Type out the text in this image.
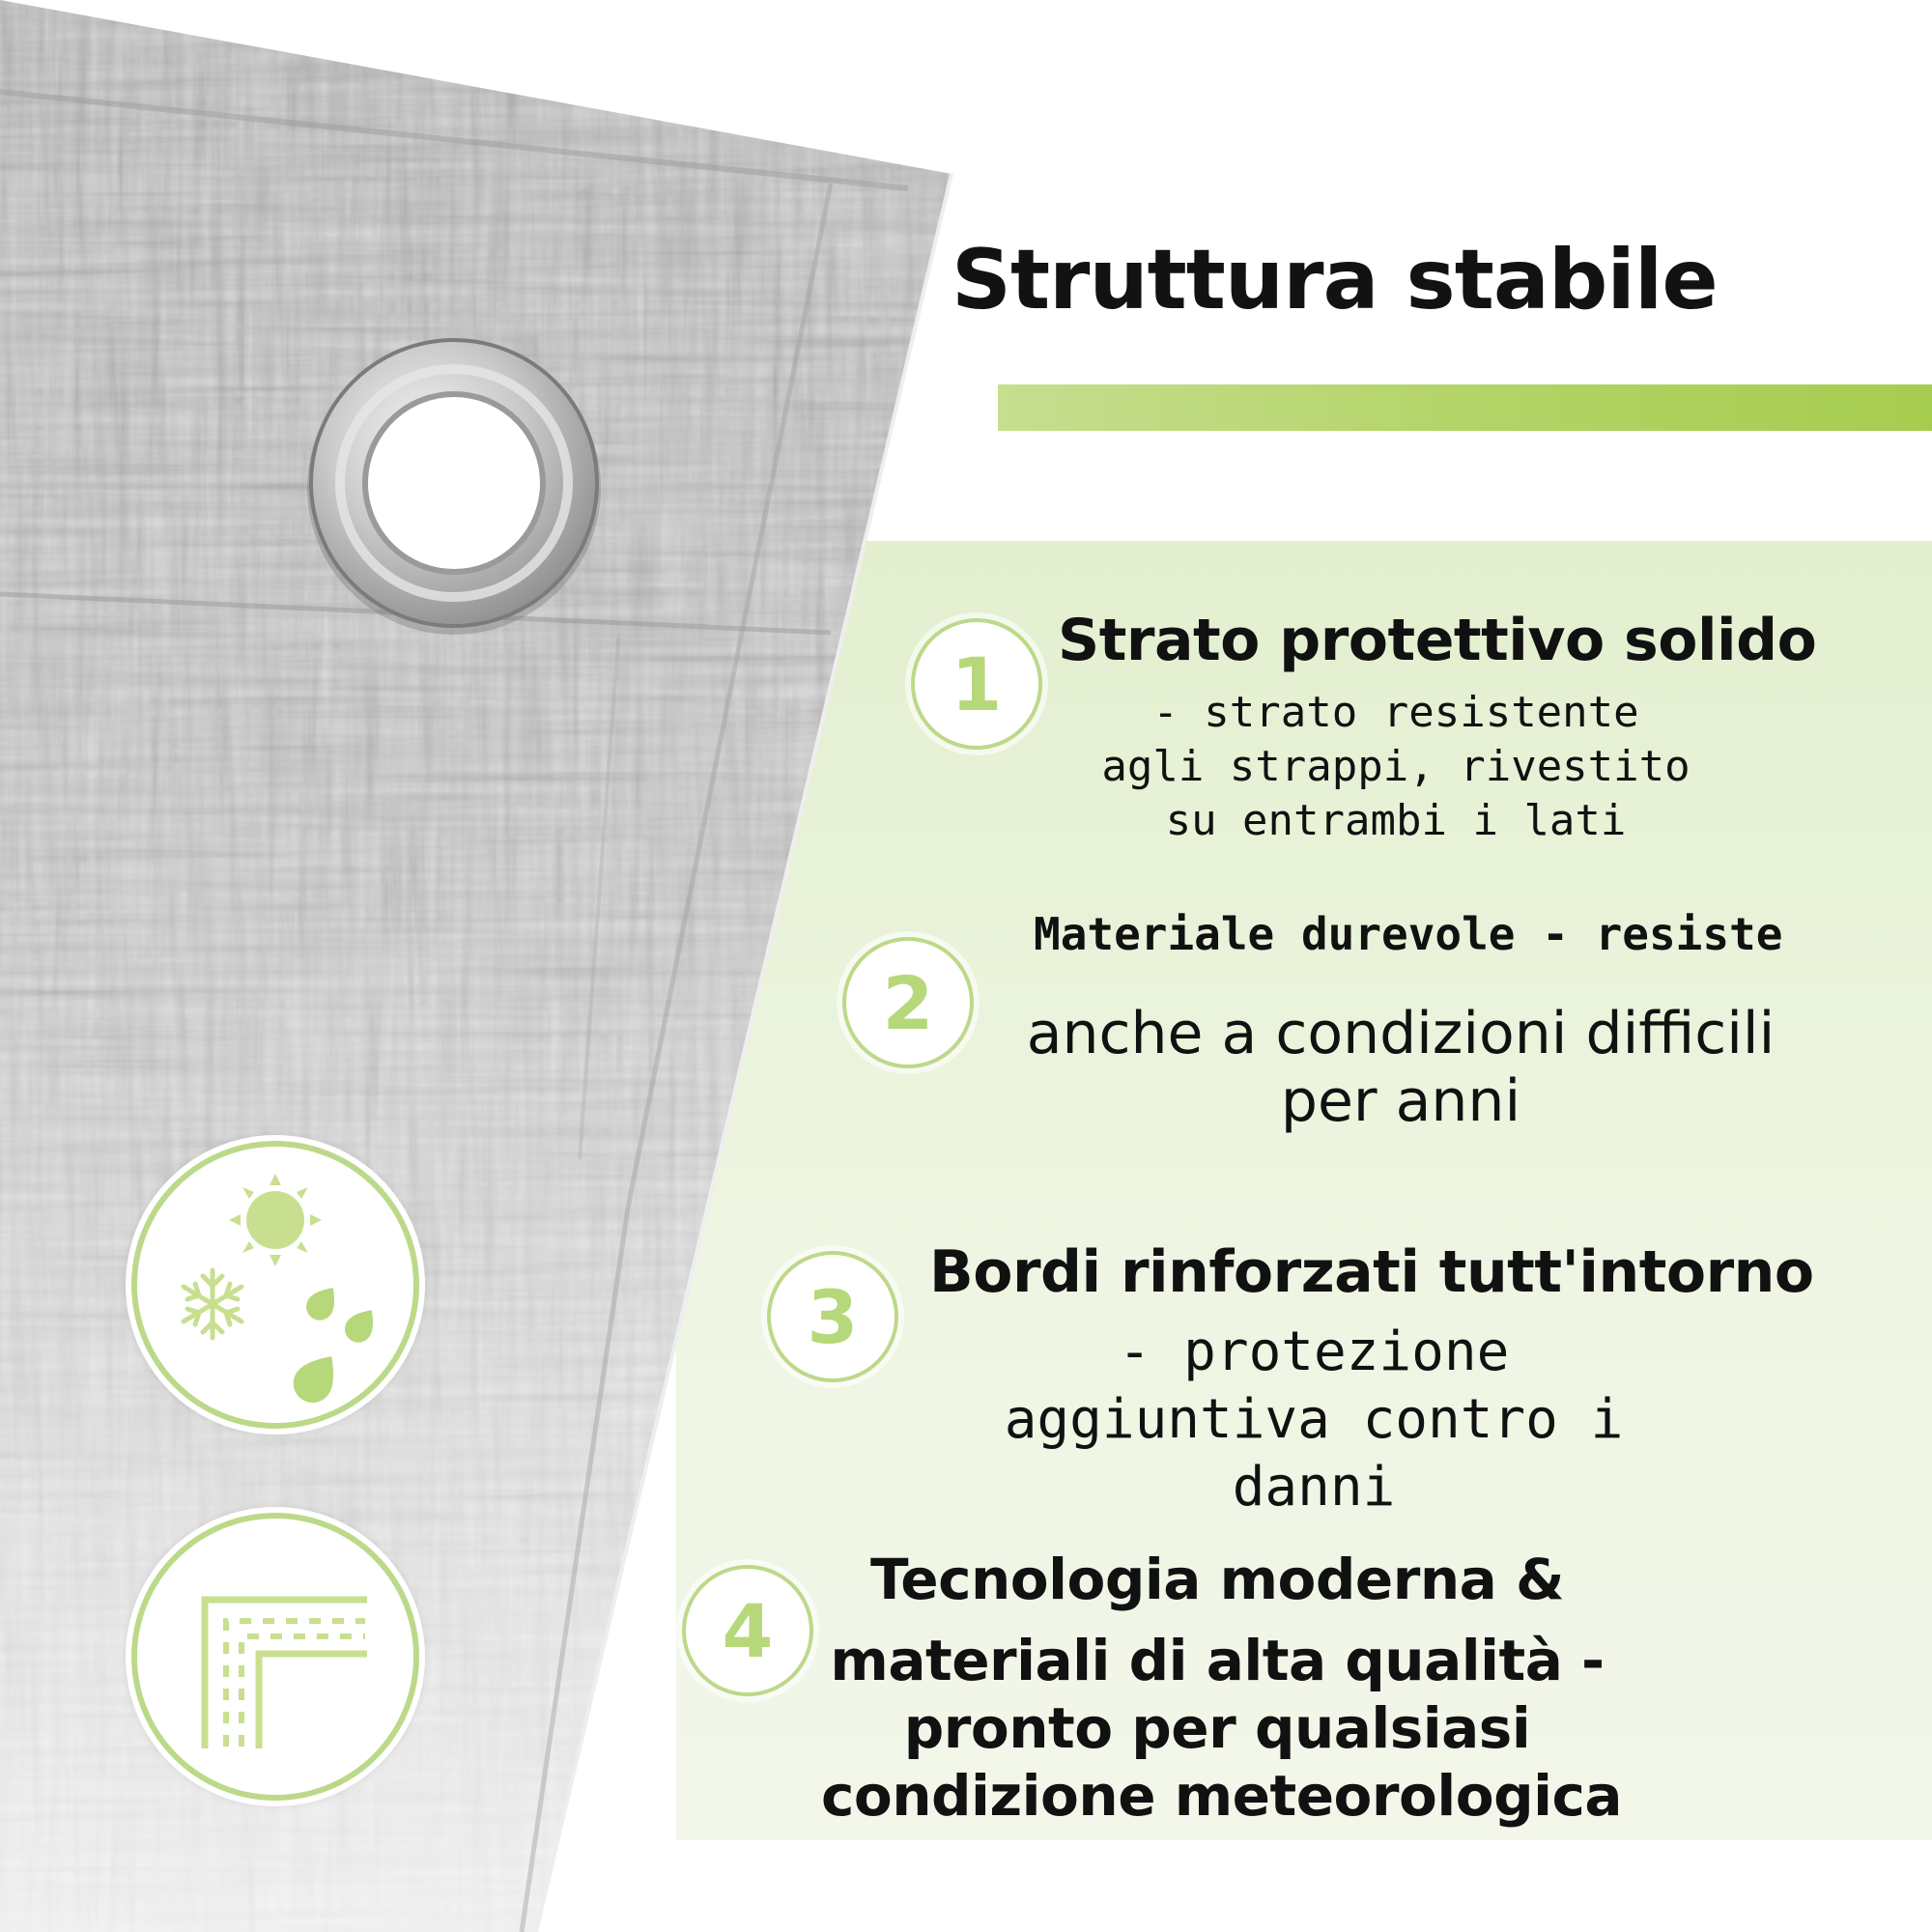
Struttura stabile
1
Strato protettivo solido
- strato resistente
agli strappi, rivestito
su entrambi i lati
2
Materiale durevole - resiste
anche a condizioni difficili
per anni
3
Bordi rinforzati tutt'intorno
- protezione
aggiuntiva contro i
danni
4
Tecnologia moderna &
materiali di alta qualità -
pronto per qualsiasi
condizione meteorologica
